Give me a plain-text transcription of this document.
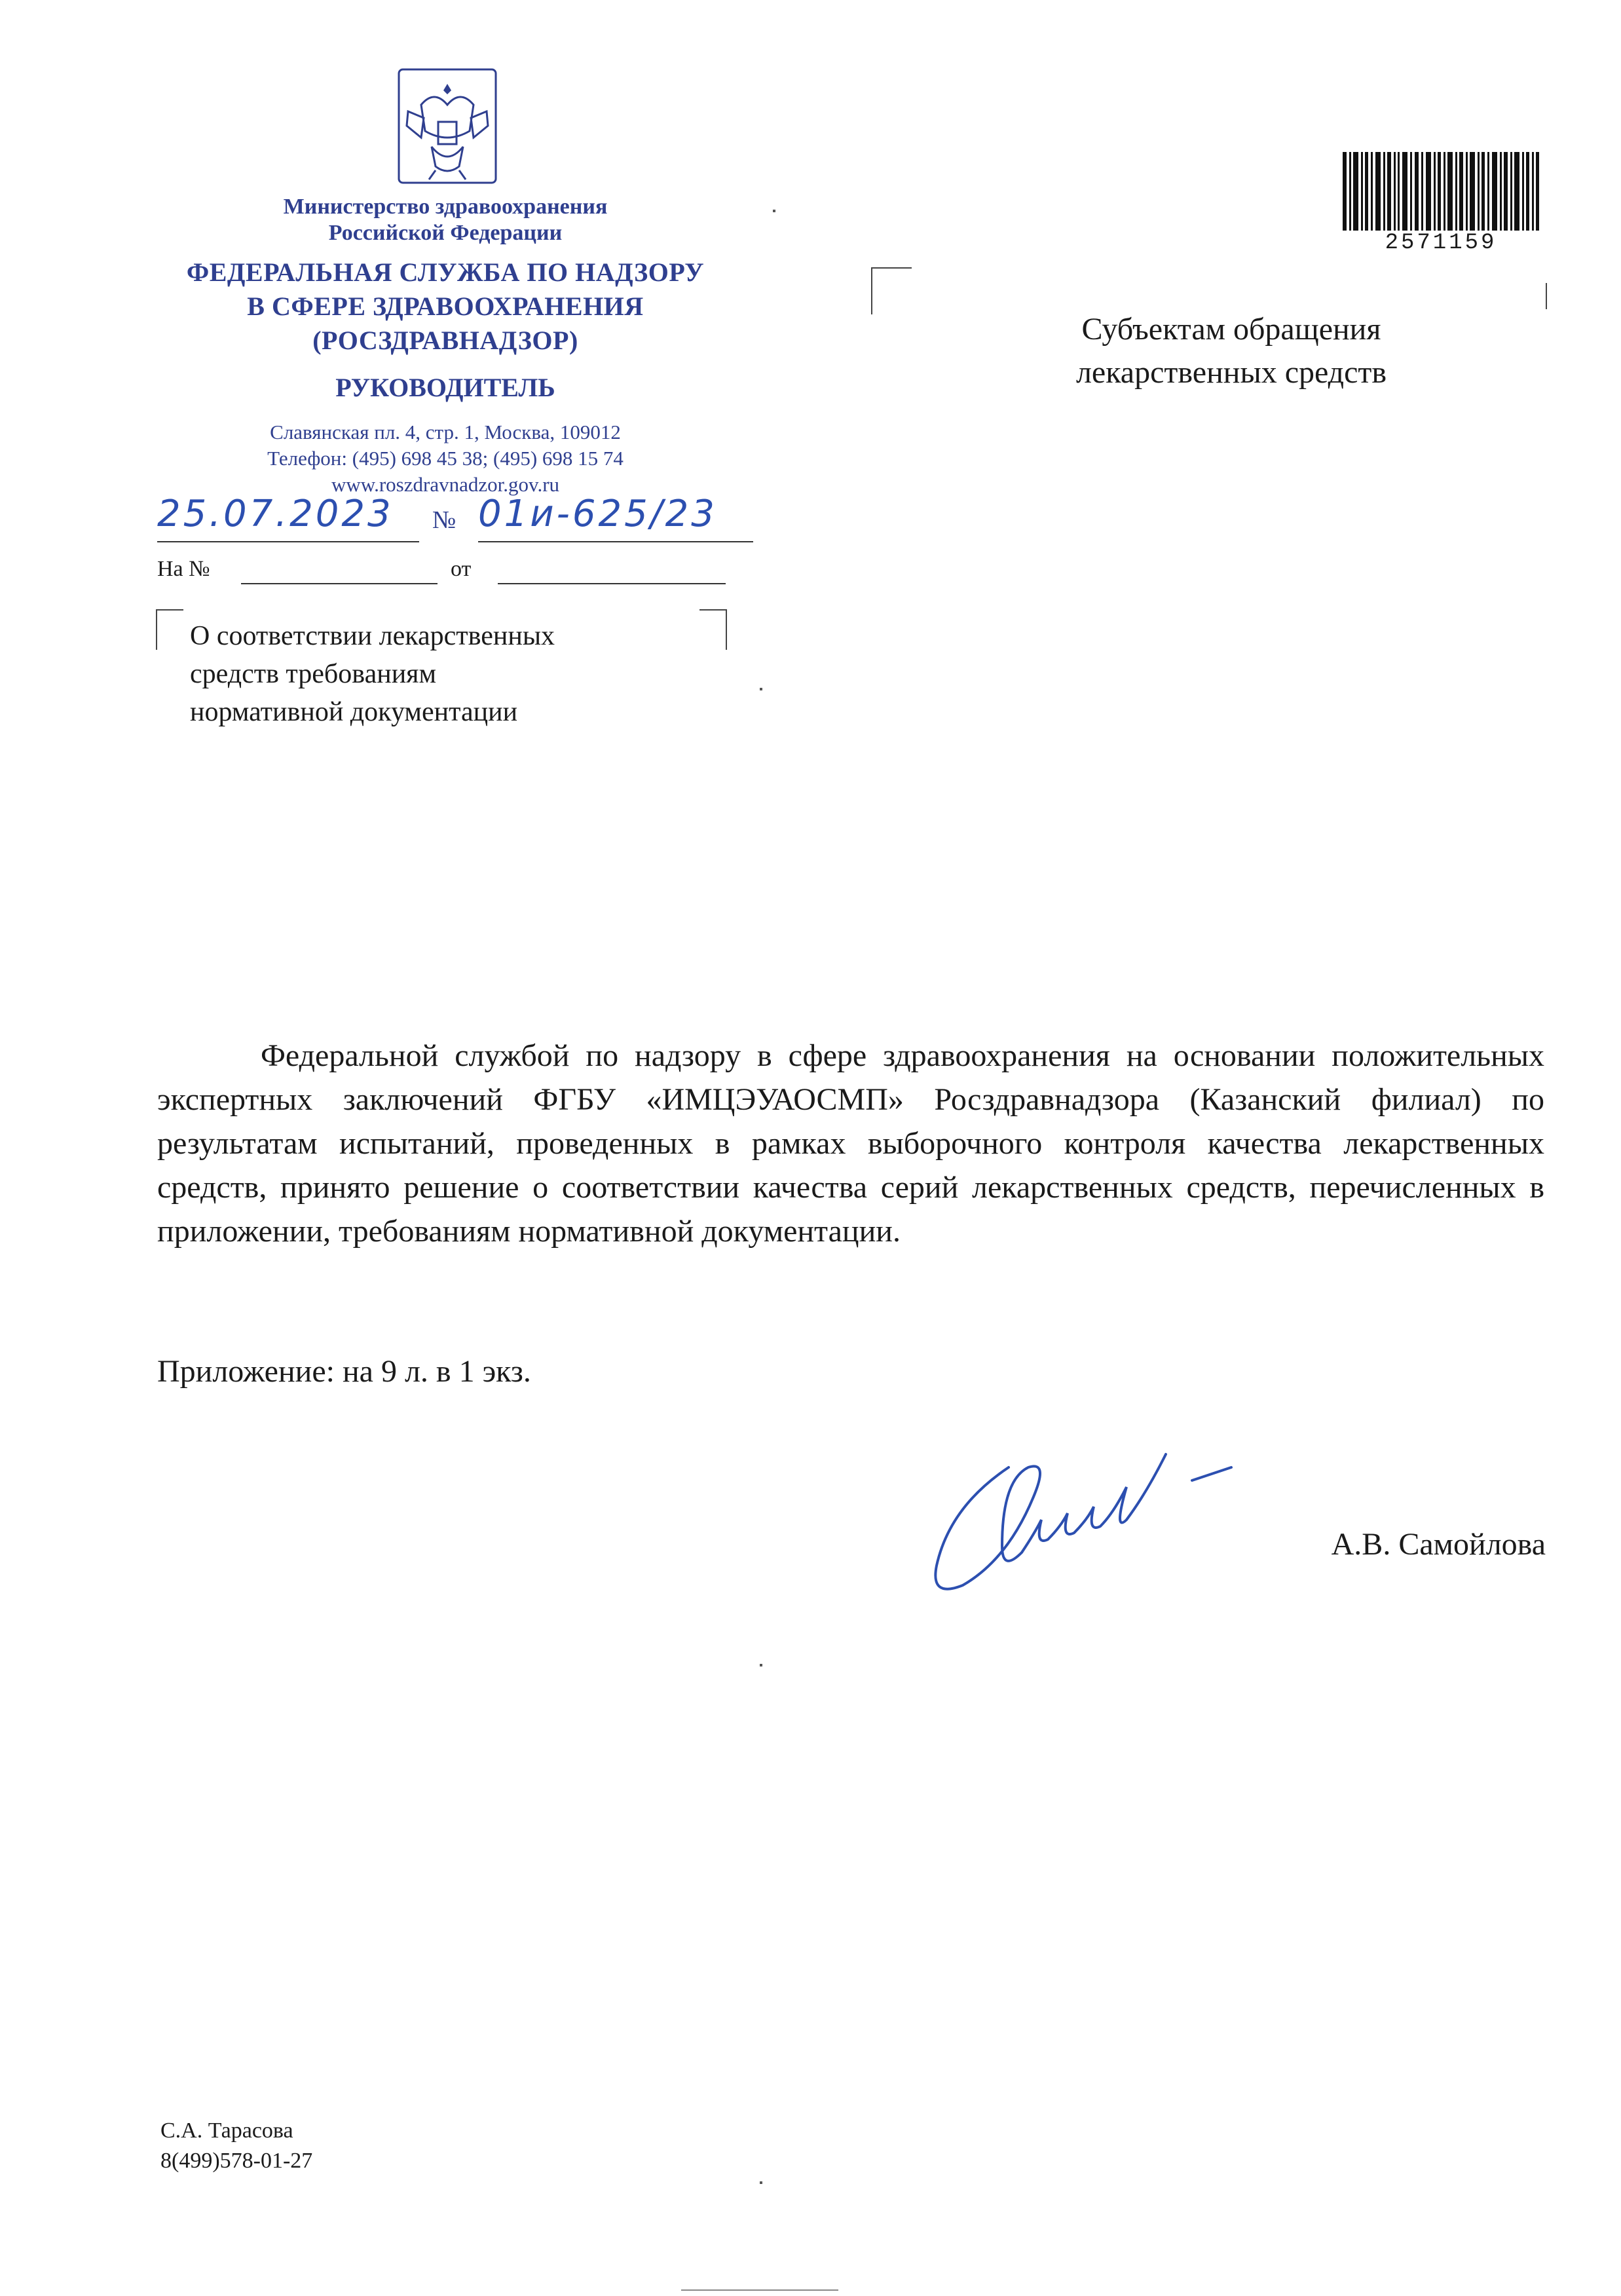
Министерство здравоохранения
Российской Федерации
ФЕДЕРАЛЬНАЯ СЛУЖБА ПО НАДЗОРУ
В СФЕРЕ ЗДРАВООХРАНЕНИЯ
(РОСЗДРАВНАДЗОР)
РУКОВОДИТЕЛЬ
Славянская пл. 4, стр. 1, Москва, 109012
Телефон: (495) 698 45 38; (495) 698 15 74
www.roszdravnadzor.gov.ru
25.07.2023	№ 01и-625/23
На №	от
О соответствии лекарственных
средств требованиям
нормативной документации
Субъектам обращения
лекарственных средств
2571159
Федеральной службой по надзору в сфере здравоохранения на основании положительных экспертных заключений ФГБУ «ИМЦЭУАОСМП» Росздравнадзора (Казанский филиал) по результатам испытаний, проведенных в рамках выборочного контроля качества лекарственных средств, принято решение о соответствии качества серий лекарственных средств, перечисленных в приложении, требованиям нормативной документации.
Приложение: на 9 л. в 1 экз.
А.В. Самойлова
С.А. Тарасова
8(499)578-01-27
